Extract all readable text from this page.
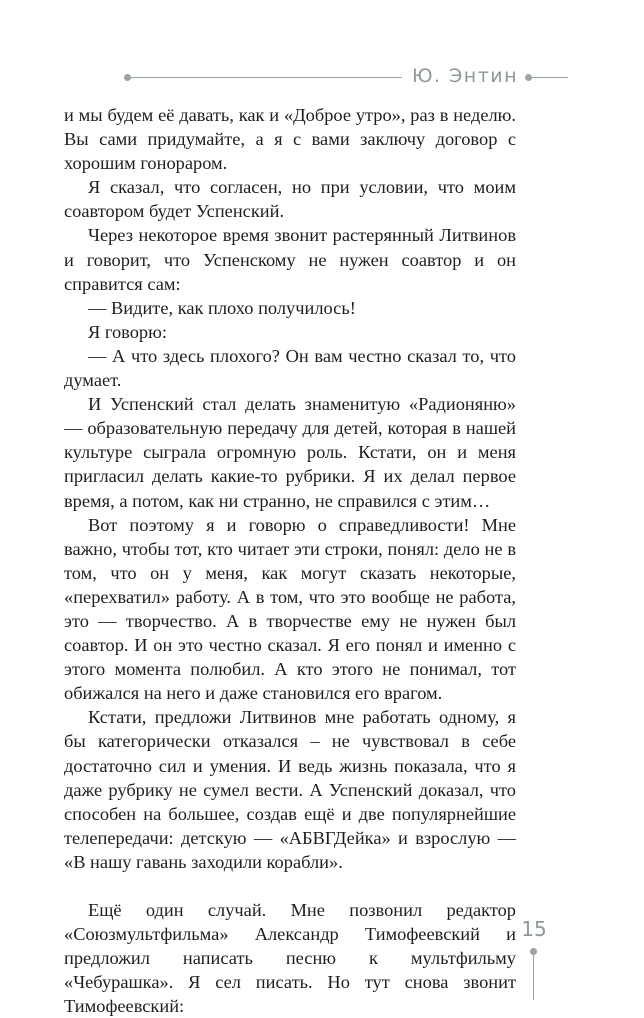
Ю. Энтин

и мы будем её давать, как и «Доброе утро», раз в неделю. Вы сами придумайте, а я с вами заключу договор с хорошим гонораром.

Я сказал, что согласен, но при условии, что моим соавтором будет Успенский.

Через некоторое время звонит растерянный Литвинов и говорит, что Успенскому не нужен соавтор и он справится сам:

— Видите, как плохо получилось!

Я говорю:

— А что здесь плохого? Он вам честно сказал то, что думает.

И Успенский стал делать знаменитую «Радионяню» — образовательную передачу для детей, которая в нашей культуре сыграла огромную роль. Кстати, он и меня пригласил делать какие-то рубрики. Я их делал первое время, а потом, как ни странно, не справился с этим…

Вот поэтому я и говорю о справедливости! Мне важно, чтобы тот, кто читает эти строки, понял: дело не в том, что он у меня, как могут сказать некоторые, «перехватил» работу. А в том, что это вообще не работа, это — творчество. А в творчестве ему не нужен был соавтор. И он это честно сказал. Я его понял и именно с этого момента полюбил. А кто этого не понимал, тот обижался на него и даже становился его врагом.

Кстати, предложи Литвинов мне работать одному, я бы категорически отказался – не чувствовал в себе достаточно сил и умения. И ведь жизнь показала, что я даже рубрику не сумел вести. А Успенский доказал, что способен на большее, создав ещё и две популярнейшие телепередачи: детскую — «АБВГДейка» и взрослую — «В нашу гавань заходили корабли».

Ещё один случай. Мне позвонил редактор «Союзмультфильма» Александр Тимофеевский и предложил написать песню к мультфильму «Чебурашка». Я сел писать. Но тут снова звонит Тимофеевский:

15
